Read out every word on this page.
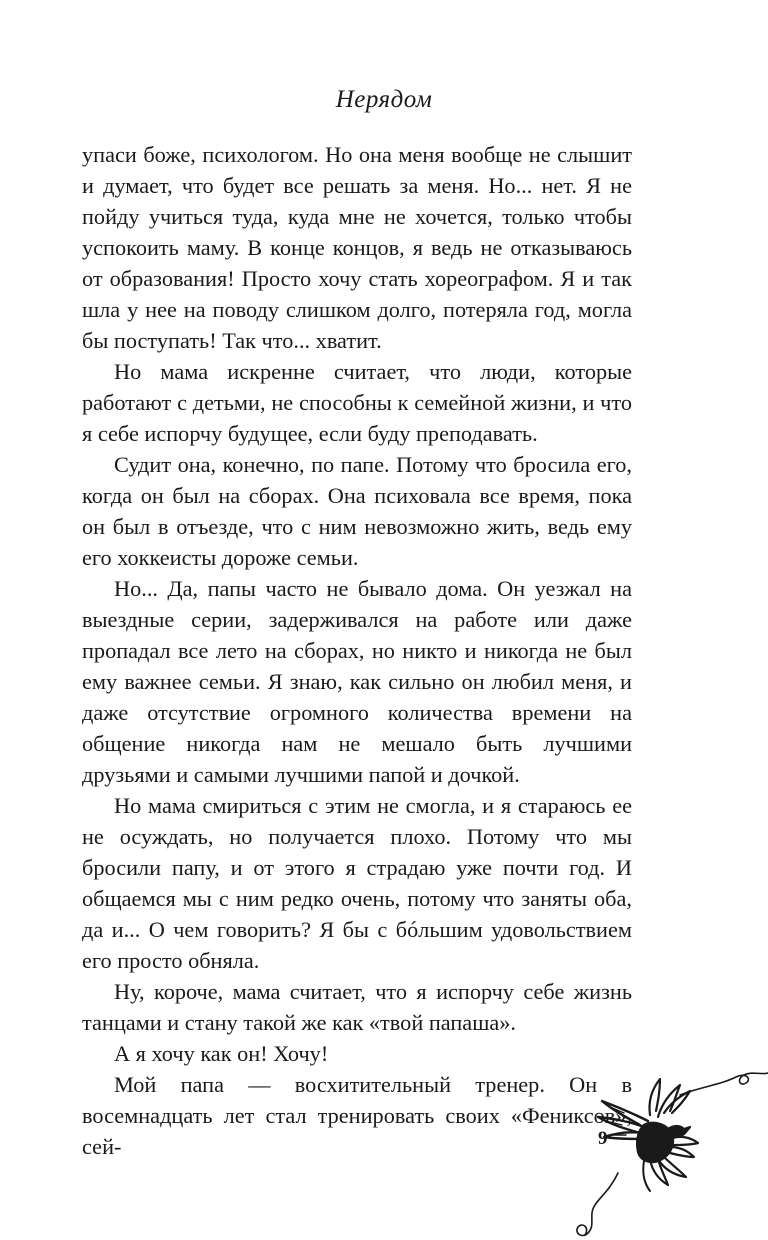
Нерядом

упаси боже, психологом. Но она меня вообще не слышит и думает, что будет все решать за меня. Но... нет. Я не пойду учиться туда, куда мне не хочется, только чтобы успокоить маму. В конце концов, я ведь не отказываюсь от образования! Просто хочу стать хореографом. Я и так шла у нее на поводу слишком долго, потеряла год, могла бы поступать! Так что... хватит.

Но мама искренне считает, что люди, которые работают с детьми, не способны к семейной жизни, и что я себе испорчу будущее, если буду преподавать.

Судит она, конечно, по папе. Потому что бросила его, когда он был на сборах. Она психовала все время, пока он был в отъезде, что с ним невозможно жить, ведь ему его хоккеисты дороже семьи.

Но... Да, папы часто не бывало дома. Он уезжал на выездные серии, задерживался на работе или даже пропадал все лето на сборах, но никто и никогда не был ему важнее семьи. Я знаю, как сильно он любил меня, и даже отсутствие огромного количества времени на общение никогда нам не мешало быть лучшими друзьями и самыми лучшими папой и дочкой.

Но мама смириться с этим не смогла, и я стараюсь ее не осуждать, но получается плохо. Потому что мы бросили папу, и от этого я страдаю уже почти год. И общаемся мы с ним редко очень, потому что заняты оба, да и... О чем говорить? Я бы с бóльшим удовольствием его просто обняла.

Ну, короче, мама считает, что я испорчу себе жизнь танцами и стану такой же как «твой папаша».

А я хочу как он! Хочу!

Мой папа — восхитительный тренер. Он в восемнадцать лет стал тренировать своих «Фениксов», сей-	9
